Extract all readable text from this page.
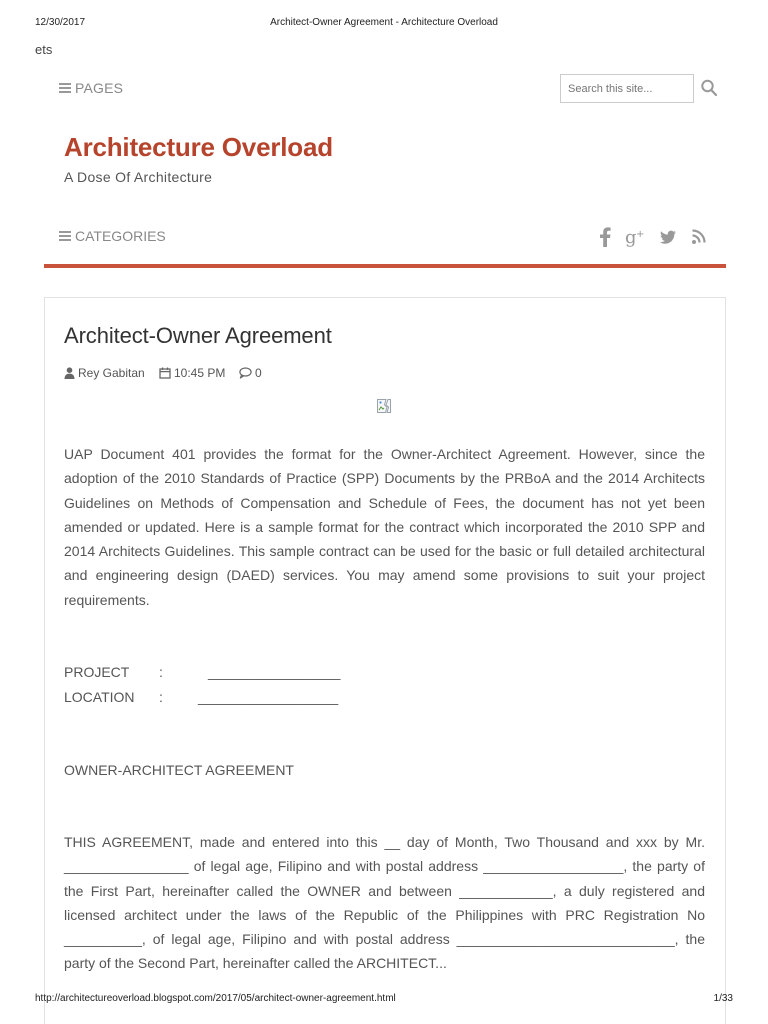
12/30/2017	Architect-Owner Agreement - Architecture Overload
ets
PAGES
Search this site...
Architecture Overload
A Dose Of Architecture
CATEGORIES	g +
Architect-Owner Agreement
Rey Gabitan 10:45 PM 0

UAP Document 401 provides the format for the Owner-Architect Agreement. However, since the adoption of the 2010 Standards of Practice (SPP) Documents by the PRBoA and the 2014 Architects Guidelines on Methods of Compensation and Schedule of Fees, the document has not yet been amended or updated. Here is a sample format for the contract which incorporated the 2010 SPP and 2014 Architects Guidelines. This sample contract can be used for the basic or full detailed architectural and engineering design (DAED) services. You may amend some provisions to suit your project requirements.

PROJECT :	_________________
LOCATION :	__________________
OWNER-ARCHITECT AGREEMENT

THIS AGREEMENT, made and entered into this __ day of Month, Two Thousand and xxx by Mr. ________________ of legal age, Filipino and with postal address __________________, the party of the First Part, hereinafter called the OWNER and between ____________, a duly registered and licensed architect under the laws of the Republic of the Philippines with PRC Registration No __________, of legal age, Filipino and with postal address ____________________________, the party of the Second Part, hereinafter called the ARCHITECT...

http://architectureoverload.blogspot.com/2017/05/architect-owner-agreement.html	1/33
